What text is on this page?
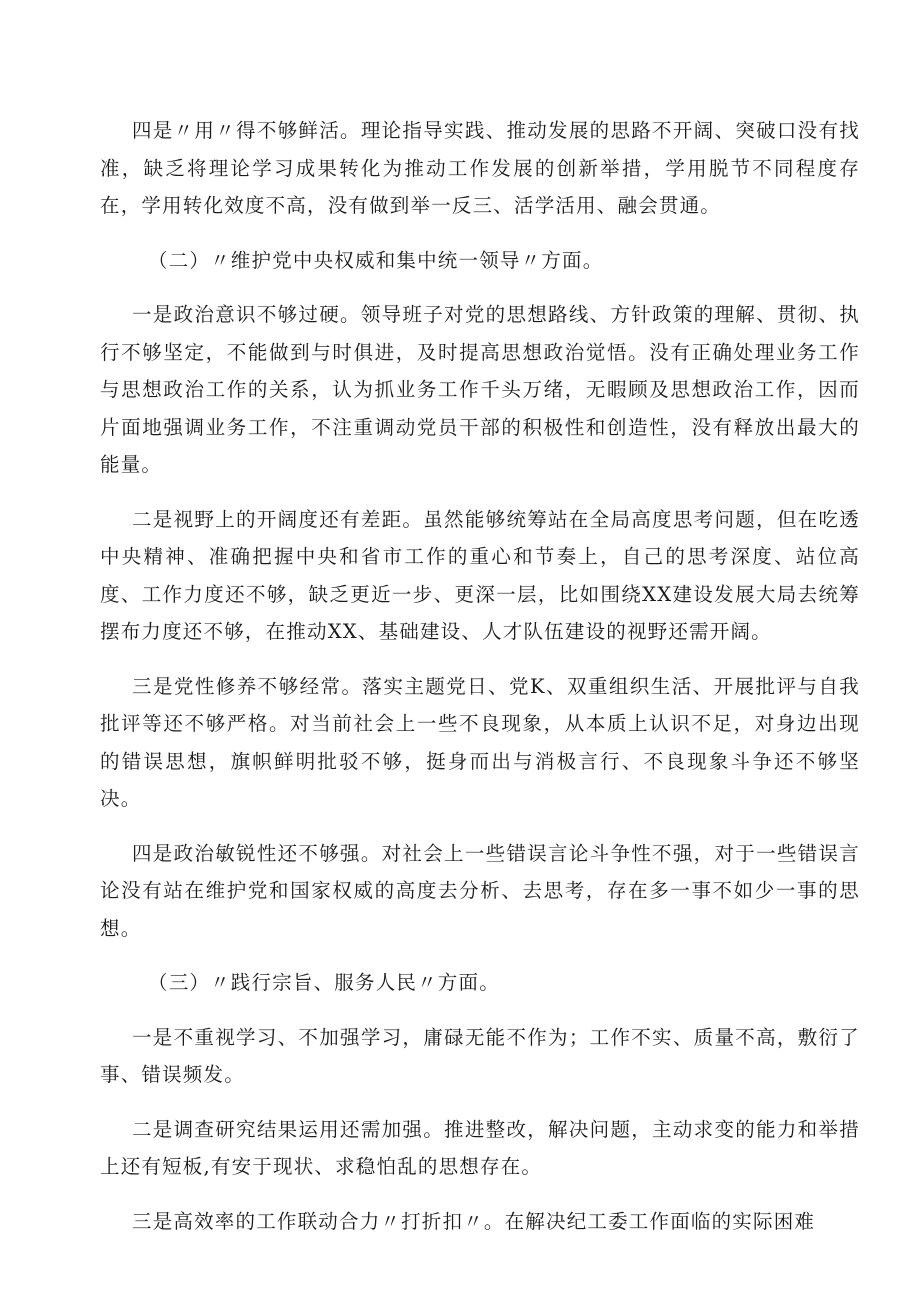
四是〃用〃得不够鲜活。理论指导实践、推动发展的思路不开阔、突破口没有找准，缺乏将理论学习成果转化为推动工作发展的创新举措，学用脱节不同程度存在，学用转化效度不高，没有做到举一反三、活学活用、融会贯通。

（二）〃维护党中央权威和集中统一领导〃方面。

一是政治意识不够过硬。领导班子对党的思想路线、方针政策的理解、贯彻、执行不够坚定，不能做到与时俱进，及时提高思想政治觉悟。没有正确处理业务工作与思想政治工作的关系，认为抓业务工作千头万绪，无暇顾及思想政治工作，因而片面地强调业务工作，不注重调动党员干部的积极性和创造性，没有释放出最大的能量。

二是视野上的开阔度还有差距。虽然能够统筹站在全局高度思考问题，但在吃透中央精神、准确把握中央和省市工作的重心和节奏上，自己的思考深度、站位高度、工作力度还不够，缺乏更近一步、更深一层，比如围绕XX建设发展大局去统筹摆布力度还不够，在推动XX、基础建设、人才队伍建设的视野还需开阔。

三是党性修养不够经常。落实主题党日、党K、双重组织生活、开展批评与自我批评等还不够严格。对当前社会上一些不良现象，从本质上认识不足，对身边出现的错误思想，旗帜鲜明批驳不够，挺身而出与消极言行、不良现象斗争还不够坚决。

四是政治敏锐性还不够强。对社会上一些错误言论斗争性不强，对于一些错误言论没有站在维护党和国家权威的高度去分析、去思考，存在多一事不如少一事的思想。

（三）〃践行宗旨、服务人民〃方面。

一是不重视学习、不加强学习，庸碌无能不作为；工作不实、质量不高，敷衍了事、错误频发。

二是调查研究结果运用还需加强。推进整改，解决问题，主动求变的能力和举措上还有短板,有安于现状、求稳怕乱的思想存在。

三是高效率的工作联动合力〃打折扣〃。在解决纪工委工作面临的实际困难
